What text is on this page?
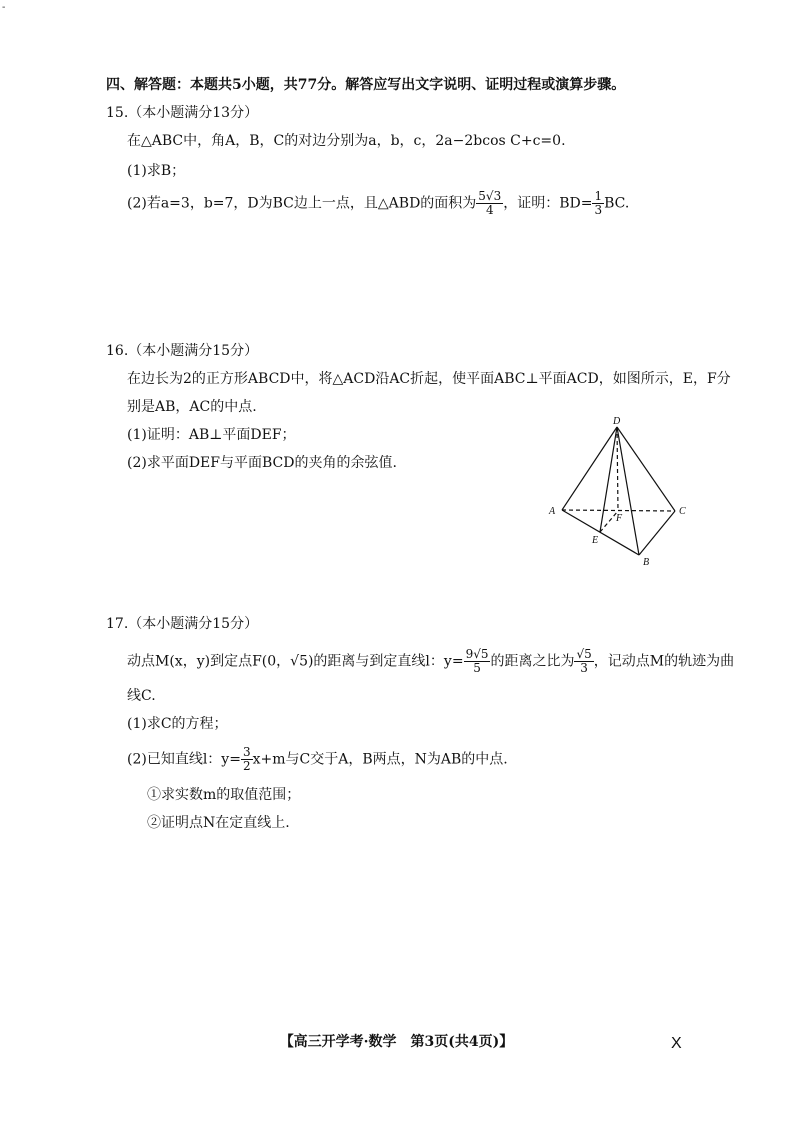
-
四、解答题：本题共5小题，共77分。解答应写出文字说明、证明过程或演算步骤。
15.（本小题满分13分）
在△ABC中，角A，B，C的对边分别为a，b，c，2a−2bcos C+c=0.
(1)求B；
(2)若a=3，b=7，D为BC边上一点，且△ABD的面积为 $\frac{5√3}{4}$ ，证明：$BD= \frac{1}{3}$ BC.
16.（本小题满分15分）
在边长为2的正方形ABCD中，将△ACD沿AC折起，使平面ABC⊥平面ACD，如图所示，E，F分
别是AB，AC的中点.
(1)证明：AB⊥平面DEF；
(2)求平面DEF与平面BCD的夹角的余弦值.
D
A	C
F
E
B
17.（本小题满分15分）
动点M(x，y)到定点F(0，√5)的距离与到定直线l：$y= \frac{9√5}{5}$ 的距离之比为 $\frac{√5}{3}$ ，记动点M的轨迹为曲
线C.
(1)求C的方程；
(2)已知直线l：$y= \frac{3}{2} x+m$与C交于A，B两点，N为AB的中点.
①求实数m的取值范围；
②证明点N在定直线上.
【高三开学考·数学　第3页(共4页)】	X
